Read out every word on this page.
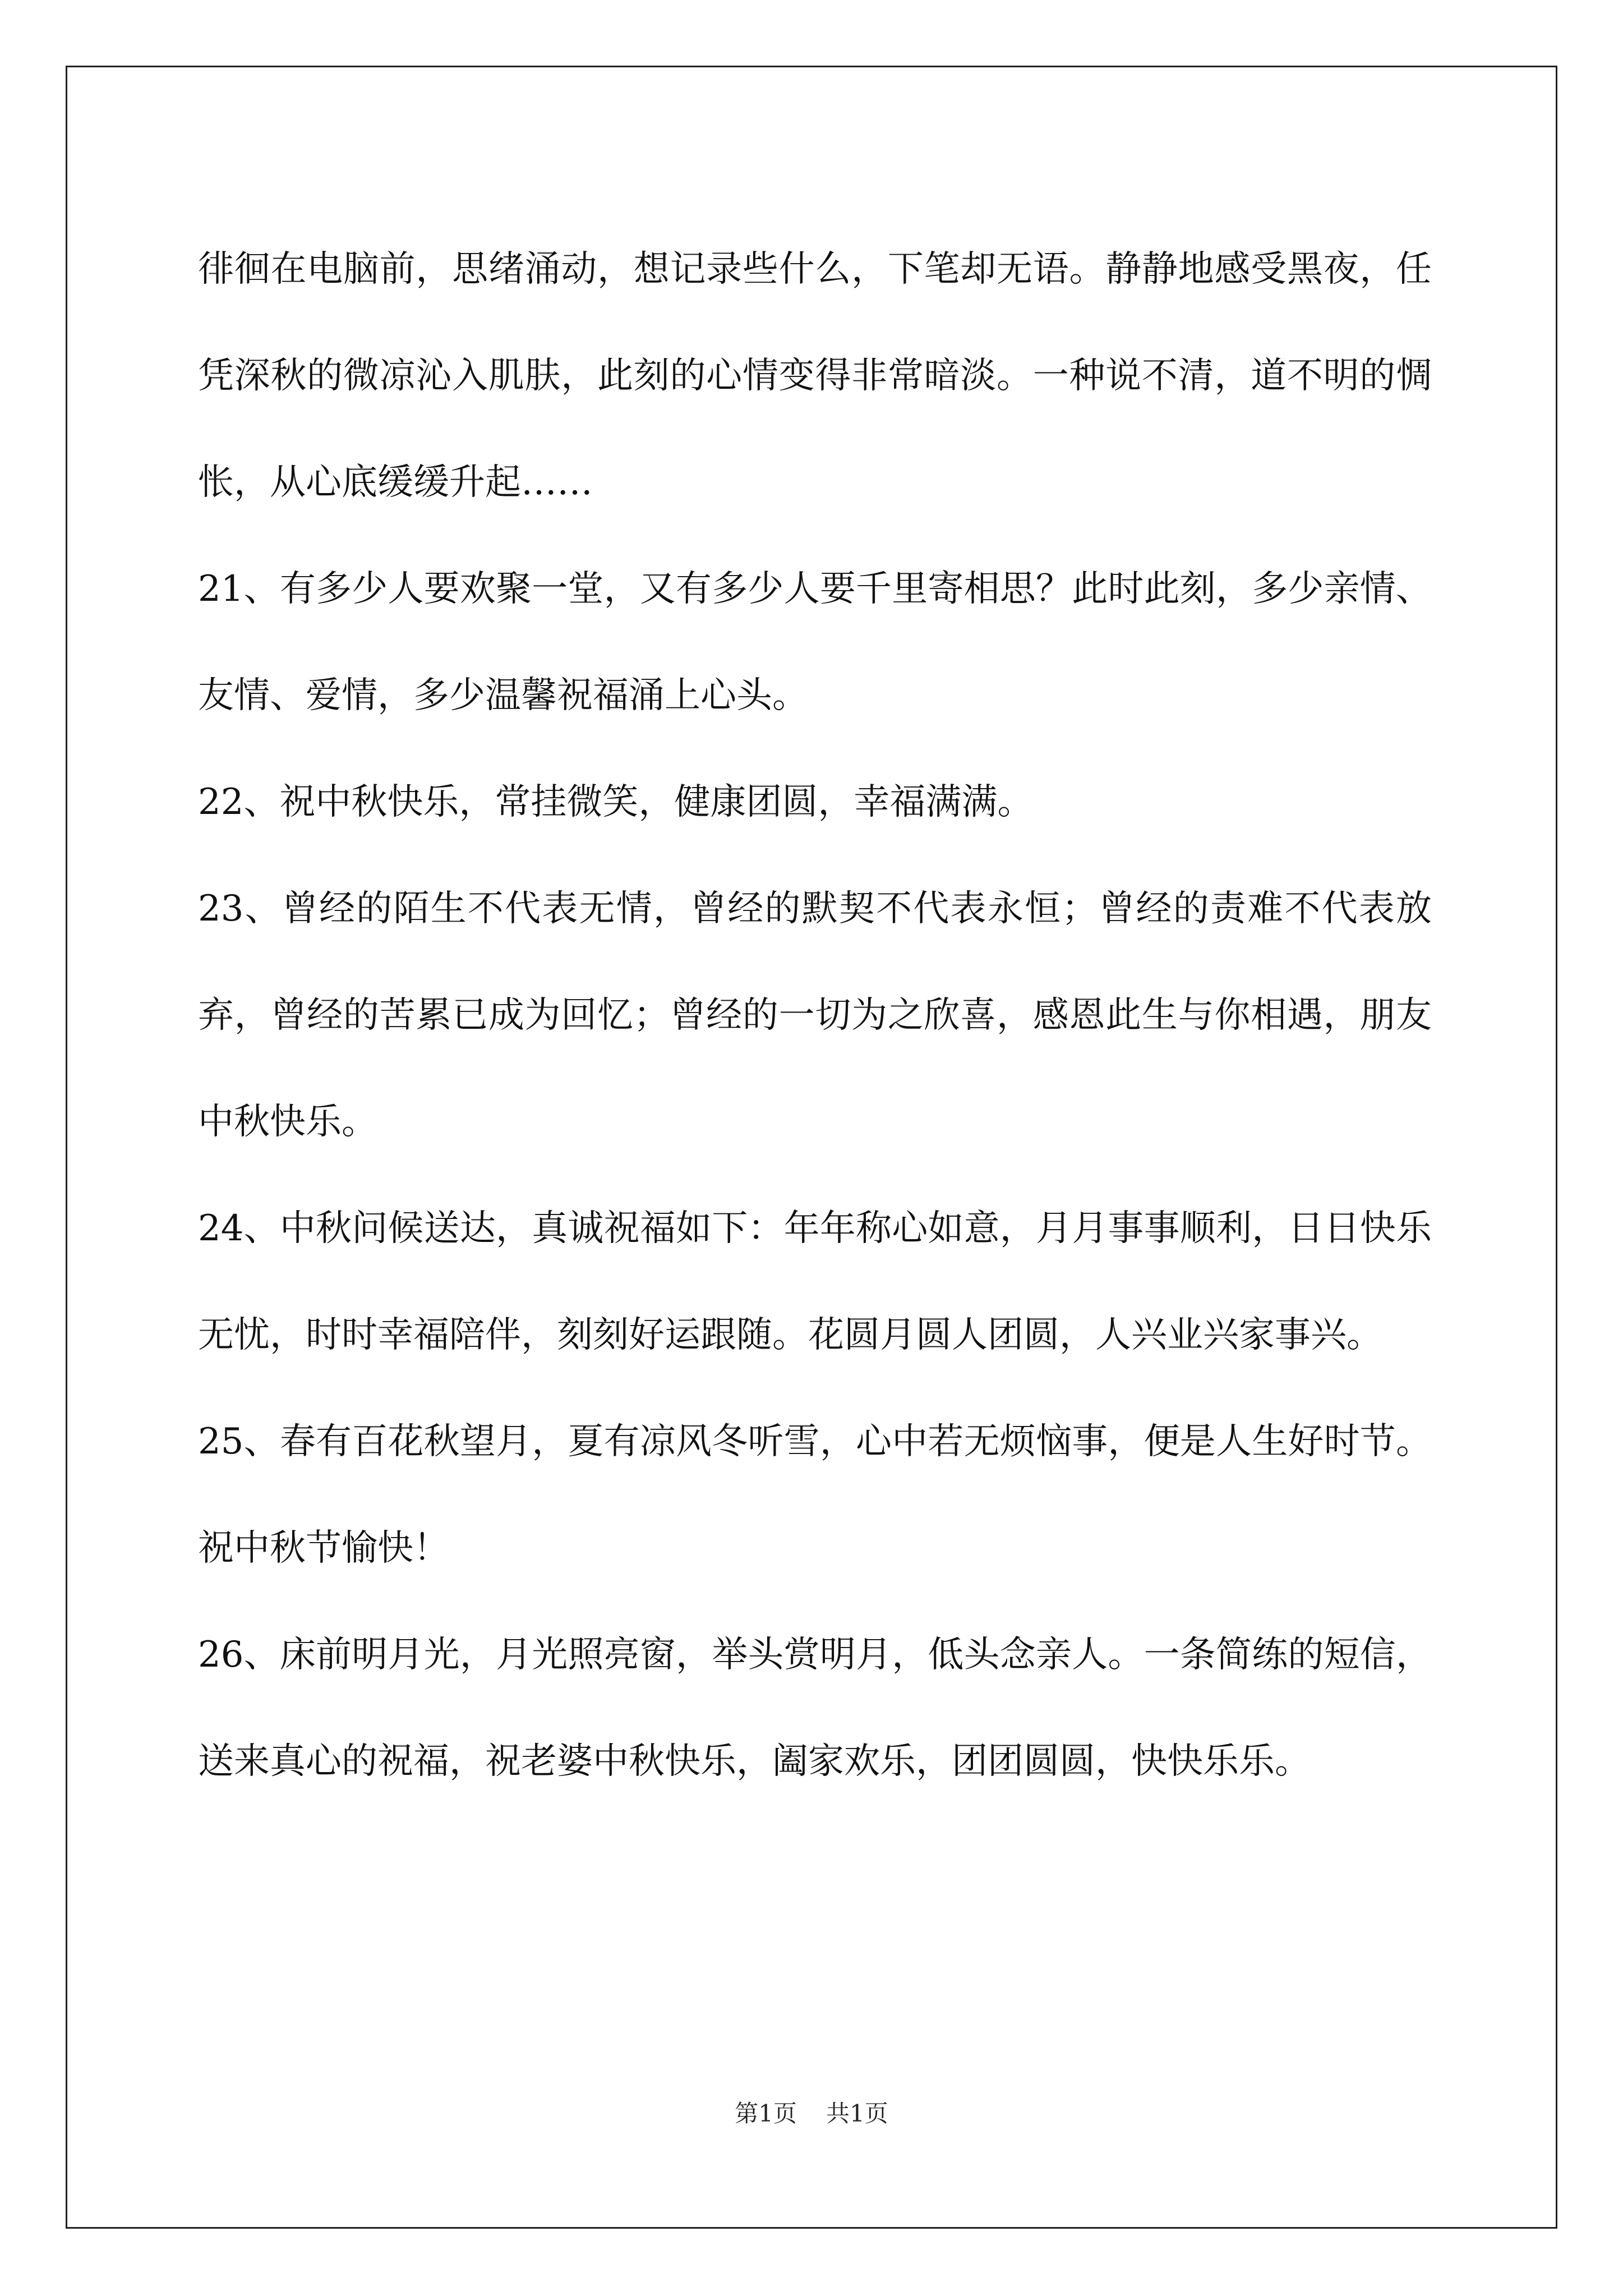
徘徊在电脑前，思绪涌动，想记录些什么，下笔却无语。静静地感受黑夜，任凭深秋的微凉沁入肌肤，此刻的心情变得非常暗淡。一种说不清，道不明的惆怅，从心底缓缓升起……

21、有多少人要欢聚一堂，又有多少人要千里寄相思？此时此刻，多少亲情、友情、爱情，多少温馨祝福涌上心头。

22、祝中秋快乐，常挂微笑，健康团圆，幸福满满。

23、曾经的陌生不代表无情，曾经的默契不代表永恒；曾经的责难不代表放弃，曾经的苦累已成为回忆；曾经的一切为之欣喜，感恩此生与你相遇，朋友中秋快乐。

24、中秋问候送达，真诚祝福如下：年年称心如意，月月事事顺利，日日快乐无忧，时时幸福陪伴，刻刻好运跟随。花圆月圆人团圆，人兴业兴家事兴。

25、春有百花秋望月，夏有凉风冬听雪，心中若无烦恼事，便是人生好时节。祝中秋节愉快！

26、床前明月光，月光照亮窗，举头赏明月，低头念亲人。一条简练的短信，送来真心的祝福，祝老婆中秋快乐，阖家欢乐，团团圆圆，快快乐乐。

第1页 共1页
